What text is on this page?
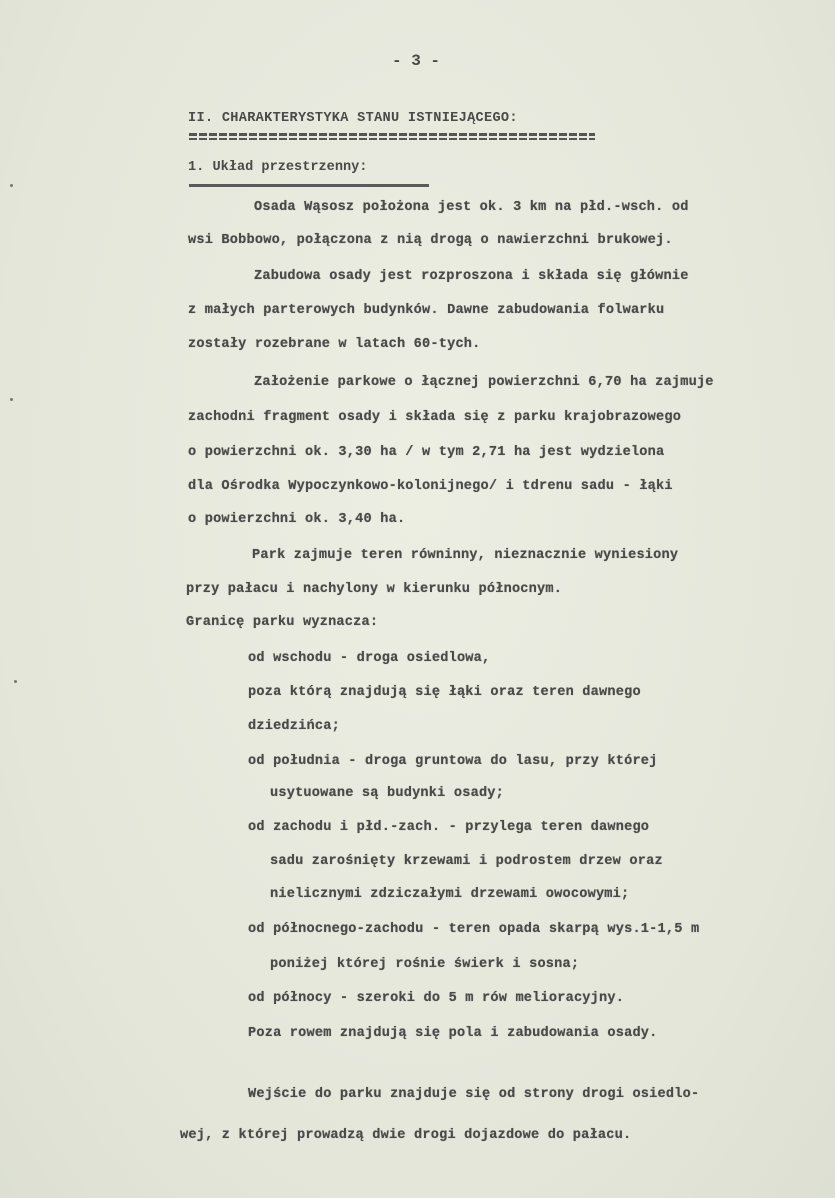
- 3 -
II. CHARAKTERYSTYKA STANU ISTNIEJĄCEGO:
1. Układ przestrzenny:
Osada Wąsosz położona jest ok. 3 km na płd.-wsch. od
wsi Bobbowo, połączona z nią drogą o nawierzchni brukowej.
Zabudowa osady jest rozproszona i składa się głównie
z małych parterowych budynków. Dawne zabudowania folwarku
zostały rozebrane w latach 60-tych.
Założenie parkowe o łącznej powierzchni 6,70 ha zajmuje
zachodni fragment osady i składa się z parku krajobrazowego
o powierzchni ok. 3,30 ha / w tym 2,71 ha jest wydzielona
dla Ośrodka Wypoczynkowo-kolonijnego/ i tdrenu sadu - łąki
o powierzchni ok. 3,40 ha.
Park zajmuje teren równinny, nieznacznie wyniesiony
przy pałacu i nachylony w kierunku północnym.
Granicę parku wyznacza:
od wschodu - droga osiedlowa,
poza którą znajdują się łąki oraz teren dawnego
dziedzińca;
od południa - droga gruntowa do lasu, przy której
usytuowane są budynki osady;
od zachodu i płd.-zach. - przylega teren dawnego
sadu zarośnięty krzewami i podrostem drzew oraz
nielicznymi zdziczałymi drzewami owocowymi;
od północnego-zachodu - teren opada skarpą wys.1-1,5 m
poniżej której rośnie świerk i sosna;
od północy - szeroki do 5 m rów melioracyjny.
Poza rowem znajdują się pola i zabudowania osady.
Wejście do parku znajduje się od strony drogi osiedlo-
wej, z której prowadzą dwie drogi dojazdowe do pałacu.
